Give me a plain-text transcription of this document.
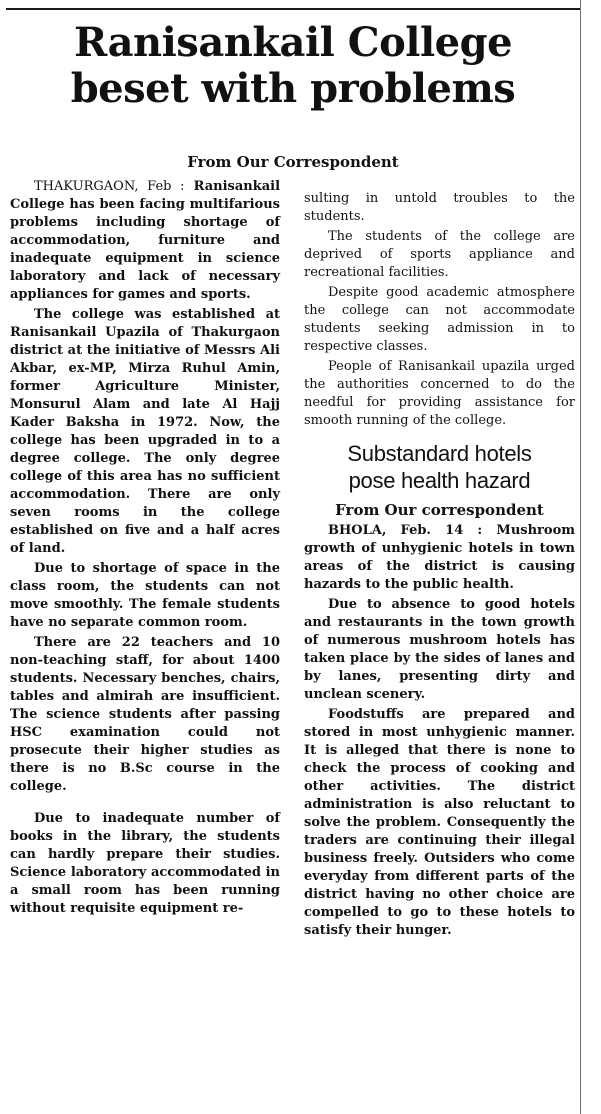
Ranisankail College
beset with problems
From Our Correspondent

THAKURGAON, Feb : Ranisankail College has been facing multifarious problems including shortage of accommodation, furniture and inadequate equipment in science laboratory and lack of necessary appliances for games and sports.

The college was established at Ranisankail Upazila of Thakurgaon district at the initiative of Messrs Ali Akbar, ex-MP, Mirza Ruhul Amin, former Agriculture Minister, Monsurul Alam and late Al Hajj Kader Baksha in 1972. Now, the college has been upgraded in to a degree college. The only degree college of this area has no sufficient accommodation. There are only seven rooms in the college established on five and a half acres of land.

Due to shortage of space in the class room, the students can not move smoothly. The female students have no separate common room.

There are 22 teachers and 10 non-teaching staff, for about 1400 students. Necessary benches, chairs, tables and almirah are insufficient. The science students after passing HSC examination could not prosecute their higher studies as there is no B.Sc course in the college.

Due to inadequate number of books in the library, the students can hardly prepare their studies. Science laboratory accommodated in a small room has been running without requisite equipment re-

sulting in untold troubles to the students.

The students of the college are deprived of sports appliance and recreational facilities.

Despite good academic atmosphere the college can not accommodate students seeking admission in to respective classes.

People of Ranisankail upazila urged the authorities concerned to do the needful for providing assistance for smooth running of the college.

Substandard hotels
pose health hazard
From Our correspondent

BHOLA, Feb. 14 : Mushroom growth of unhygienic hotels in town areas of the district is causing hazards to the public health.

Due to absence to good hotels and restaurants in the town growth of numerous mushroom hotels has taken place by the sides of lanes and by lanes, presenting dirty and unclean scenery.

Foodstuffs are prepared and stored in most unhygienic manner. It is alleged that there is none to check the process of cooking and other activities. The district administration is also reluctant to solve the problem. Consequently the traders are continuing their illegal business freely. Outsiders who come everyday from different parts of the district having no other choice are compelled to go to these hotels to satisfy their hunger.
